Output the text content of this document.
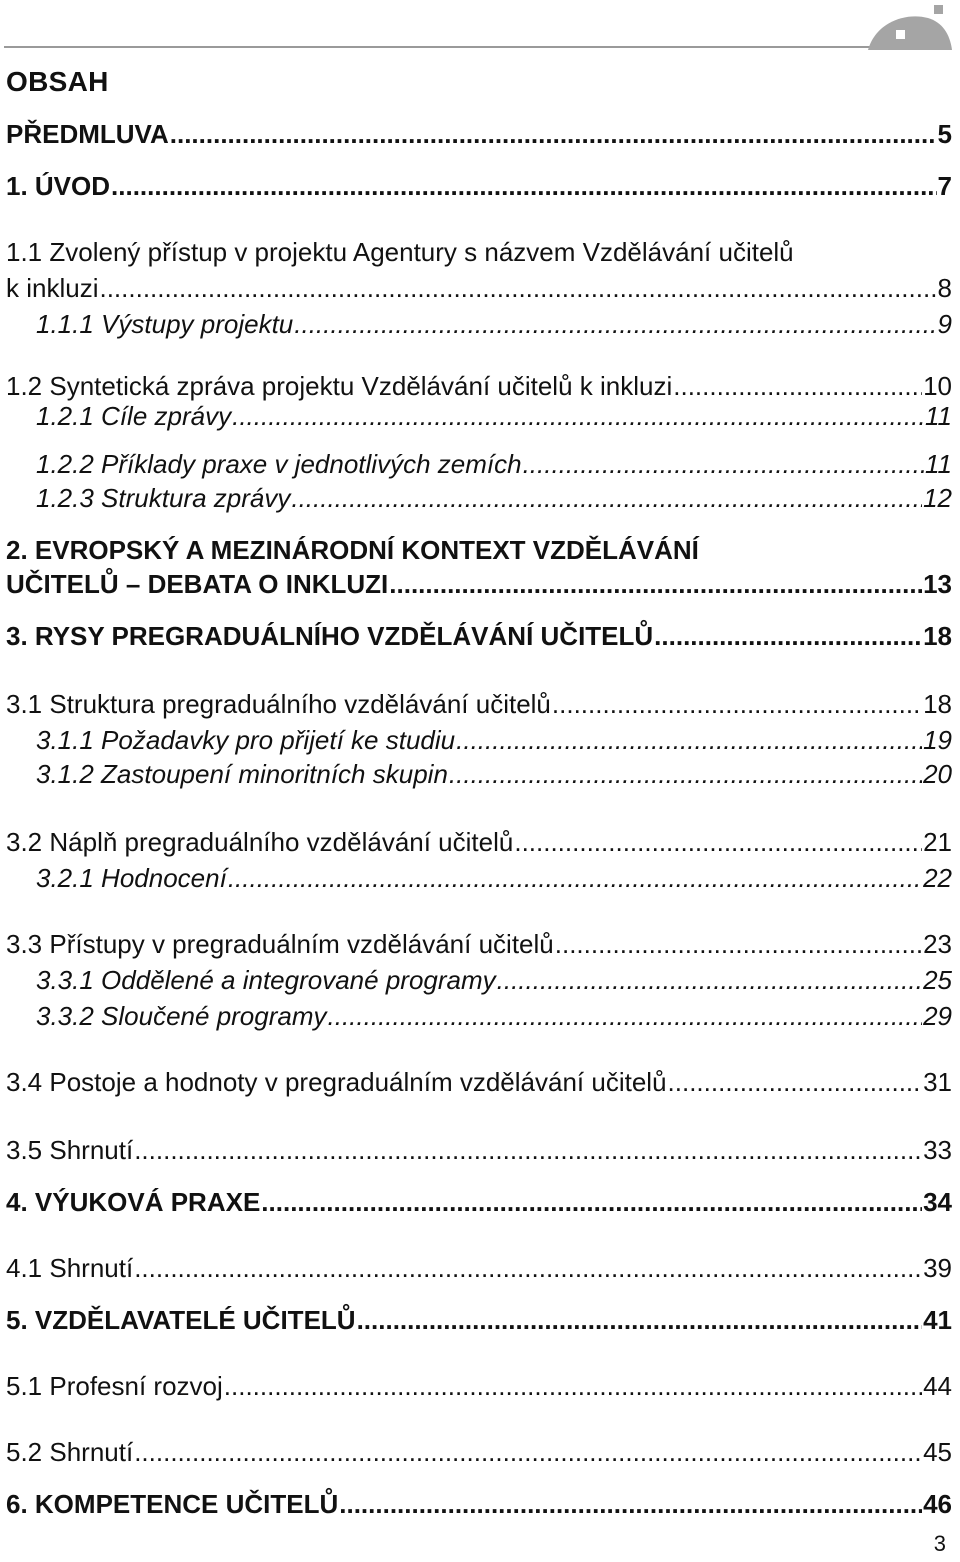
OBSAH
PŘEDMLUVA .....	5
1. ÚVOD .....	7
1.1 Zvolený přístup v projektu Agentury s názvem Vzdělávání učitelů
k inkluzi .....	8
1.1.1 Výstupy projektu .....	9
1.2 Syntetická zpráva projektu Vzdělávání učitelů k inkluzi .....	10
1.2.1 Cíle zprávy .....	11
1.2.2 Příklady praxe v jednotlivých zemích .....	11
1.2.3 Struktura zprávy .....	12
2. EVROPSKÝ A MEZINÁRODNÍ KONTEXT VZDĚLÁVÁNÍ
UČITELŮ – DEBATA O INKLUZI .....	13
3. RYSY PREGRADUÁLNÍHO VZDĚLÁVÁNÍ UČITELŮ .....	18
3.1 Struktura pregraduálního vzdělávání učitelů .....	18
3.1.1 Požadavky pro přijetí ke studiu .....	19
3.1.2 Zastoupení minoritních skupin .....	20
3.2 Náplň pregraduálního vzdělávání učitelů .....	21
3.2.1 Hodnocení .....	22
3.3 Přístupy v pregraduálním vzdělávání učitelů .....	23
3.3.1 Oddělené a integrované programy .....	25
3.3.2 Sloučené programy .....	29
3.4 Postoje a hodnoty v pregraduálním vzdělávání učitelů .....	31
3.5 Shrnutí .....	33
4. VÝUKOVÁ PRAXE .....	34
4.1 Shrnutí .....	39
5. VZDĚLAVATELÉ UČITELŮ .....	41
5.1 Profesní rozvoj .....	44
5.2 Shrnutí .....	45
6. KOMPETENCE UČITELŮ .....	46
3
